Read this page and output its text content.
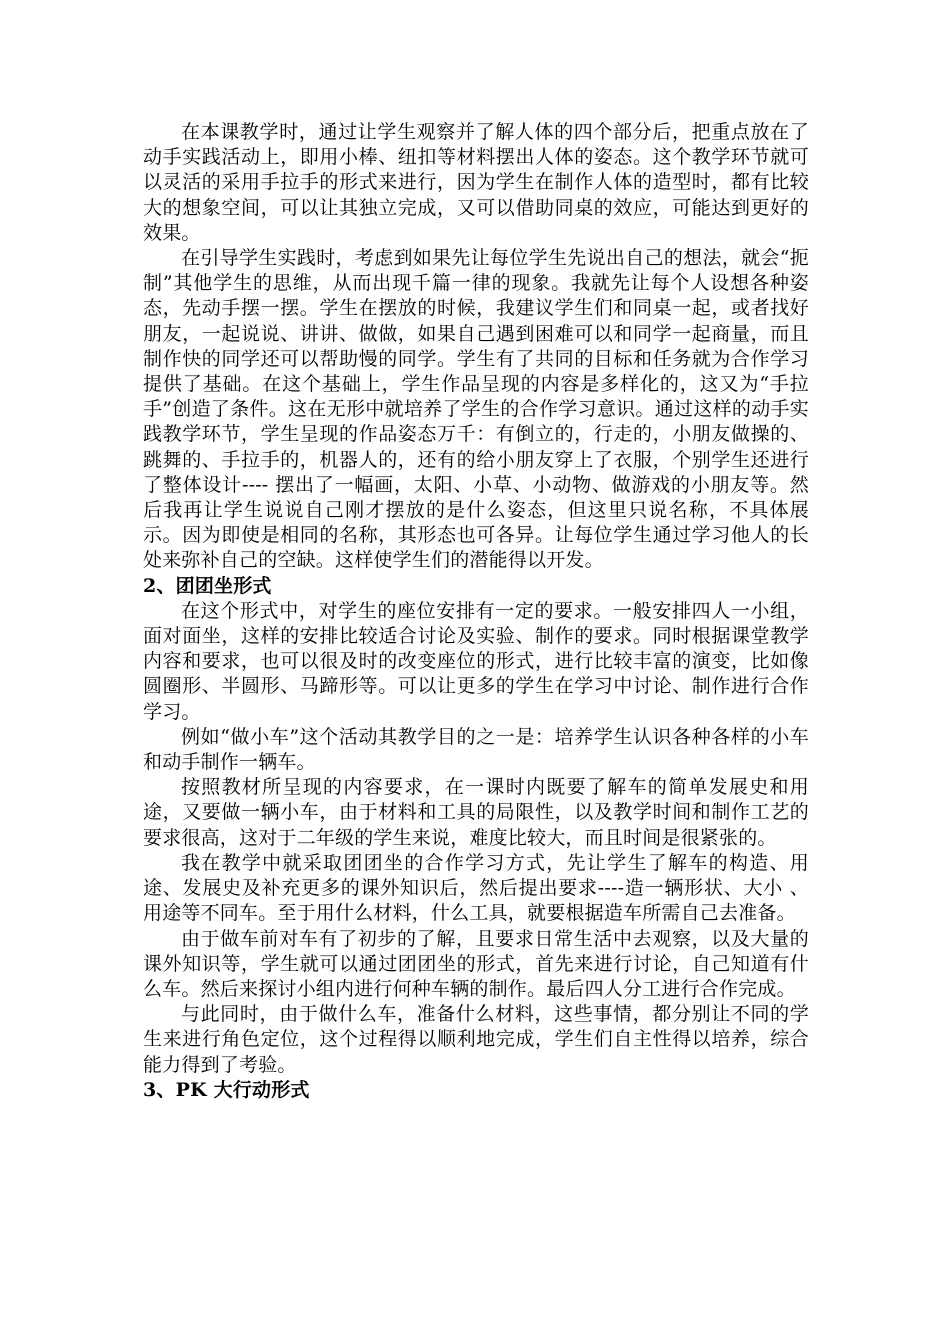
在本课教学时，通过让学生观察并了解人体的四个部分后，把重点放在了动手实践活动上，即用小棒、纽扣等材料摆出人体的姿态。这个教学环节就可以灵活的采用手拉手的形式来进行，因为学生在制作人体的造型时，都有比较大的想象空间，可以让其独立完成，又可以借助同桌的效应，可能达到更好的效果。

在引导学生实践时，考虑到如果先让每位学生先说出自己的想法，就会“扼制”其他学生的思维，从而出现千篇一律的现象。我就先让每个人设想各种姿态，先动手摆一摆。学生在摆放的时候，我建议学生们和同桌一起，或者找好朋友，一起说说、讲讲、做做，如果自己遇到困难可以和同学一起商量，而且制作快的同学还可以帮助慢的同学。学生有了共同的目标和任务就为合作学习提供了基础。在这个基础上，学生作品呈现的内容是多样化的，这又为“手拉手”创造了条件。这在无形中就培养了学生的合作学习意识。通过这样的动手实践教学环节，学生呈现的作品姿态万千：有倒立的，行走的，小朋友做操的、跳舞的、手拉手的，机器人的，还有的给小朋友穿上了衣服，个别学生还进行了整体设计---- 摆出了一幅画，太阳、小草、小动物、做游戏的小朋友等。然后我再让学生说说自己刚才摆放的是什么姿态，但这里只说名称，不具体展示。因为即使是相同的名称，其形态也可各异。让每位学生通过学习他人的长处来弥补自己的空缺。这样使学生们的潜能得以开发。

2、团团坐形式

在这个形式中，对学生的座位安排有一定的要求。一般安排四人一小组，面对面坐，这样的安排比较适合讨论及实验、制作的要求。同时根据课堂教学内容和要求，也可以很及时的改变座位的形式，进行比较丰富的演变，比如像圆圈形、半圆形、马蹄形等。可以让更多的学生在学习中讨论、制作进行合作学习。

例如“做小车”这个活动其教学目的之一是：培养学生认识各种各样的小车和动手制作一辆车。

按照教材所呈现的内容要求，在一课时内既要了解车的简单发展史和用途，又要做一辆小车，由于材料和工具的局限性，以及教学时间和制作工艺的要求很高，这对于二年级的学生来说，难度比较大，而且时间是很紧张的。

我在教学中就采取团团坐的合作学习方式，先让学生了解车的构造、用途、发展史及补充更多的课外知识后，然后提出要求----造一辆形状、大小 、用途等不同车。至于用什么材料，什么工具，就要根据造车所需自己去准备。

由于做车前对车有了初步的了解，且要求日常生活中去观察，以及大量的课外知识等，学生就可以通过团团坐的形式，首先来进行讨论，自己知道有什么车。然后来探讨小组内进行何种车辆的制作。最后四人分工进行合作完成。

与此同时，由于做什么车，准备什么材料，这些事情，都分别让不同的学生来进行角色定位，这个过程得以顺利地完成，学生们自主性得以培养，综合能力得到了考验。

3、PK 大行动形式
